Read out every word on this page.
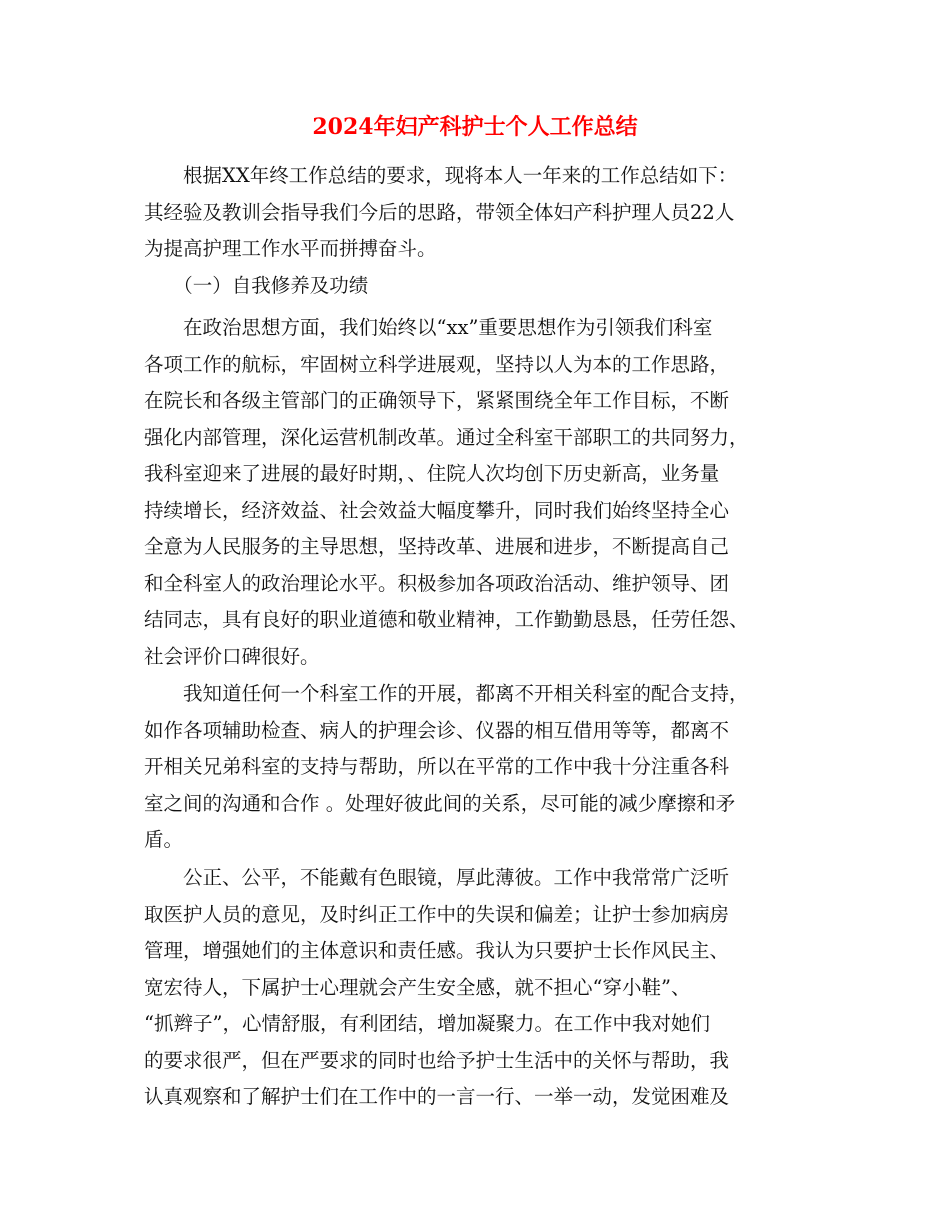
2024年妇产科护士个人工作总结
　　根据XX年终工作总结的要求，现将本人一年来的工作总结如下：
其经验及教训会指导我们今后的思路，带领全体妇产科护理人员22人
为提高护理工作水平而拼搏奋斗。
　　（一）自我修养及功绩
　　在政治思想方面，我们始终以“xx”重要思想作为引领我们科室
各项工作的航标，牢固树立科学进展观，坚持以人为本的工作思路，
在院长和各级主管部门的正确领导下，紧紧围绕全年工作目标，不断
强化内部管理，深化运营机制改革。通过全科室干部职工的共同努力，
我科室迎来了进展的最好时期，、住院人次均创下历史新高，业务量
持续增长，经济效益、社会效益大幅度攀升，同时我们始终坚持全心
全意为人民服务的主导思想，坚持改革、进展和进步，不断提高自己
和全科室人的政治理论水平。积极参加各项政治活动、维护领导、团
结同志，具有良好的职业道德和敬业精神，工作勤勤恳恳，任劳任怨、
社会评价口碑很好。
　　我知道任何一个科室工作的开展，都离不开相关科室的配合支持，
如作各项辅助检查、病人的护理会诊、仪器的相互借用等等，都离不
开相关兄弟科室的支持与帮助，所以在平常的工作中我十分注重各科
室之间的沟通和合作 。处理好彼此间的关系，尽可能的减少摩擦和矛
盾。
　　公正、公平，不能戴有色眼镜，厚此薄彼。工作中我常常广泛听
取医护人员的意见，及时纠正工作中的失误和偏差；让护士参加病房
管理，增强她们的主体意识和责任感。我认为只要护士长作风民主、
宽宏待人，下属护士心理就会产生安全感，就不担心“穿小鞋”、
“抓辫子”，心情舒服，有利团结，增加凝聚力。在工作中我对她们
的要求很严，但在严要求的同时也给予护士生活中的关怀与帮助，我
认真观察和了解护士们在工作中的一言一行、一举一动，发觉困难及
